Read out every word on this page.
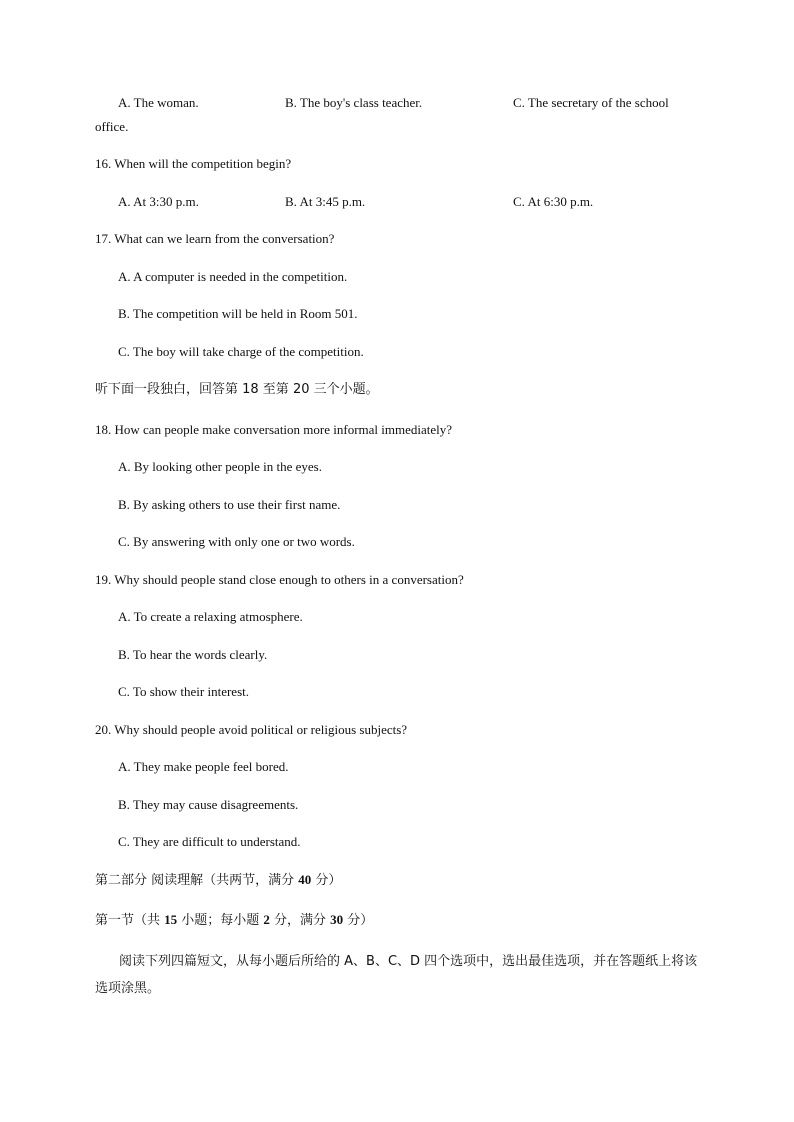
A. The woman.	B. The boy's class teacher.	C. The secretary of the school
office.
16. When will the competition begin?
A. At 3:30 p.m.	B. At 3:45 p.m.	C. At 6:30 p.m.
17. What can we learn from the conversation?
A. A computer is needed in the competition.
B. The competition will be held in Room 501.
C. The boy will take charge of the competition.
听下面一段独白，回答第 18 至第 20 三个小题。
18. How can people make conversation more informal immediately?
A. By looking other people in the eyes.
B. By asking others to use their first name.
C. By answering with only one or two words.
19. Why should people stand close enough to others in a conversation?
A. To create a relaxing atmosphere.
B. To hear the words clearly.
C. To show their interest.
20. Why should people avoid political or religious subjects?
A. They make people feel bored.
B. They may cause disagreements.
C. They are difficult to understand.
第二部分 阅读理解（共两节，满分 40 分）
第一节（共 15 小题；每小题 2 分，满分 30 分）
阅读下列四篇短文，从每小题后所给的 A、B、C、D 四个选项中，选出最佳选项，并在答题纸上将该选项涂黑。
